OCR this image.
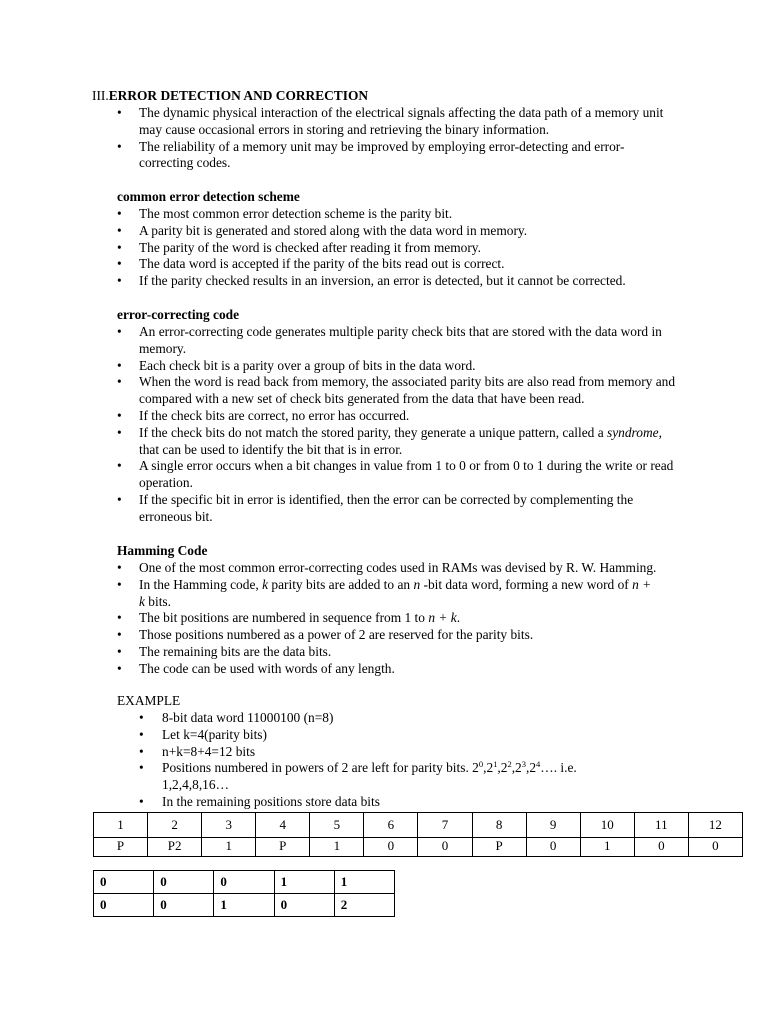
III.ERROR DETECTION AND CORRECTION
• The dynamic physical interaction of the electrical signals affecting the data path of a memory unit may cause occasional errors in storing and retrieving the binary information.
• The reliability of a memory unit may be improved by employing error-detecting and error-correcting codes.
common error detection scheme
• The most common error detection scheme is the parity bit.
• A parity bit is generated and stored along with the data word in memory.
• The parity of the word is checked after reading it from memory.
• The data word is accepted if the parity of the bits read out is correct.
• If the parity checked results in an inversion, an error is detected, but it cannot be corrected.
error-correcting code
• An error-correcting code generates multiple parity check bits that are stored with the data word in memory.
• Each check bit is a parity over a group of bits in the data word.
• When the word is read back from memory, the associated parity bits are also read from memory and compared with a new set of check bits generated from the data that have been read.
• If the check bits are correct, no error has occurred.
• If the check bits do not match the stored parity, they generate a unique pattern, called a syndrome, that can be used to identify the bit that is in error.
• A single error occurs when a bit changes in value from 1 to 0 or from 0 to 1 during the write or read operation.
• If the specific bit in error is identified, then the error can be corrected by complementing the erroneous bit.
Hamming Code
• One of the most common error-correcting codes used in RAMs was devised by R. W. Hamming.
• In the Hamming code, k parity bits are added to an n -bit data word, forming a new word of n + k bits.
• The bit positions are numbered in sequence from 1 to n + k.
• Those positions numbered as a power of 2 are reserved for the parity bits.
• The remaining bits are the data bits.
• The code can be used with words of any length.
EXAMPLE
• 8-bit data word 11000100 (n=8)
• Let k=4(parity bits)
• n+k=8+4=12 bits
• Positions numbered in powers of 2 are left for parity bits. $2^0,2^1,2^2,2^3,2^4\dots$. i.e. 1,2,4,8,16…
• In the remaining positions store data bits
1	2	3	4	5	6	7	8	9	10	11	12
P	P2	1	P	1	0	0	P	0	1	0	0
0	0	0	1	1
0	0	1	0	2
